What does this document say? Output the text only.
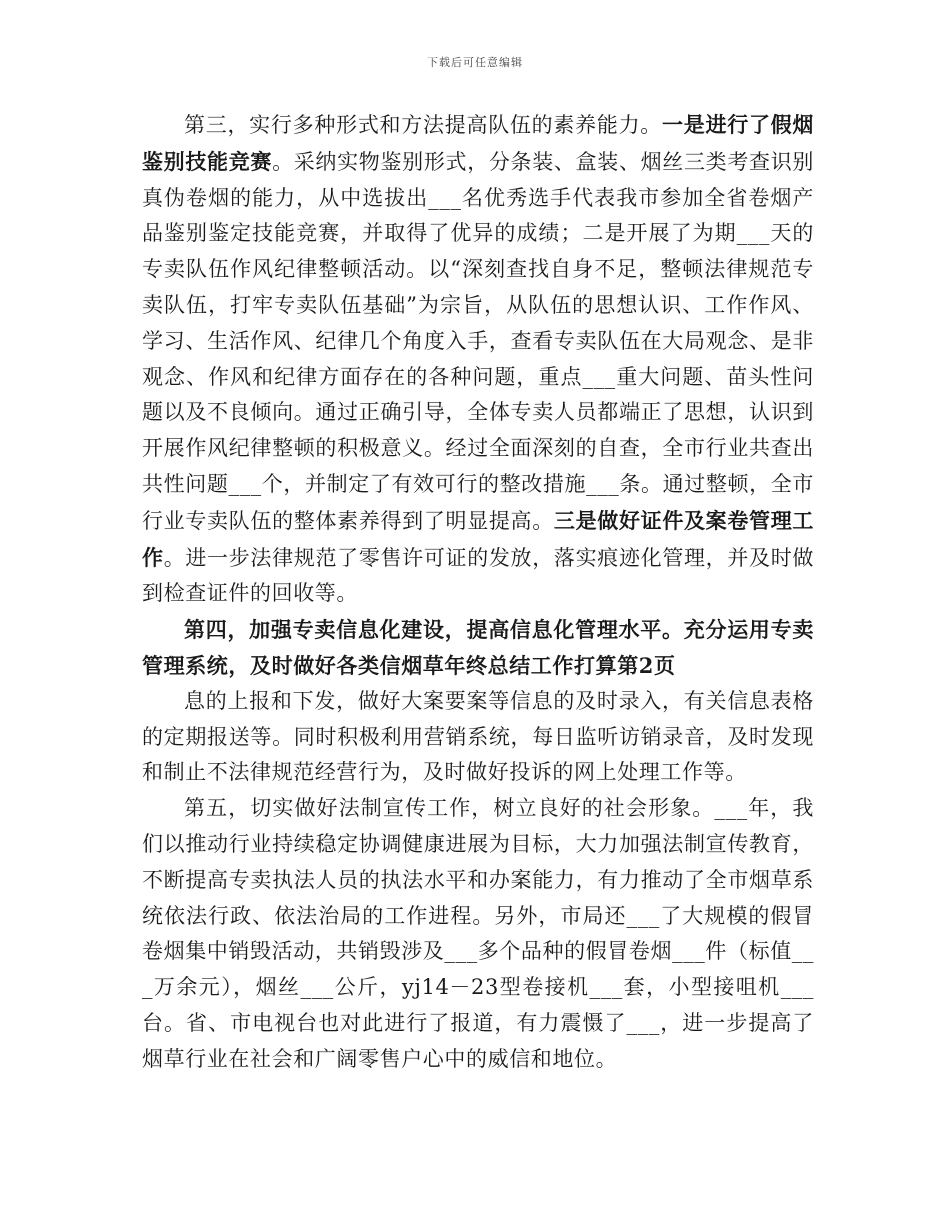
下载后可任意编辑

第三，实行多种形式和方法提高队伍的素养能力。一是进行了假烟鉴别技能竞赛。采纳实物鉴别形式，分条装、盒装、烟丝三类考查识别真伪卷烟的能力，从中选拔出___名优秀选手代表我市参加全省卷烟产品鉴别鉴定技能竞赛，并取得了优异的成绩；二是开展了为期___天的专卖队伍作风纪律整顿活动。以“深刻查找自身不足，整顿法律规范专卖队伍，打牢专卖队伍基础”为宗旨，从队伍的思想认识、工作作风、学习、生活作风、纪律几个角度入手，查看专卖队伍在大局观念、是非观念、作风和纪律方面存在的各种问题，重点___重大问题、苗头性问题以及不良倾向。通过正确引导，全体专卖人员都端正了思想，认识到开展作风纪律整顿的积极意义。经过全面深刻的自查，全市行业共查出共性问题___个，并制定了有效可行的整改措施___条。通过整顿，全市行业专卖队伍的整体素养得到了明显提高。三是做好证件及案卷管理工作。进一步法律规范了零售许可证的发放，落实痕迹化管理，并及时做到检查证件的回收等。

第四，加强专卖信息化建设，提高信息化管理水平。充分运用专卖管理系统，及时做好各类信烟草年终总结工作打算第2页

息的上报和下发，做好大案要案等信息的及时录入，有关信息表格的定期报送等。同时积极利用营销系统，每日监听访销录音，及时发现和制止不法律规范经营行为，及时做好投诉的网上处理工作等。

第五，切实做好法制宣传工作，树立良好的社会形象。___年，我们以推动行业持续稳定协调健康进展为目标，大力加强法制宣传教育，不断提高专卖执法人员的执法水平和办案能力，有力推动了全市烟草系统依法行政、依法治局的工作进程。另外，市局还___了大规模的假冒卷烟集中销毁活动，共销毁涉及___多个品种的假冒卷烟___件（标值___万余元），烟丝___公斤，yj14－23型卷接机___套，小型接咀机___台。省、市电视台也对此进行了报道，有力震慑了___，进一步提高了烟草行业在社会和广阔零售户心中的威信和地位。
